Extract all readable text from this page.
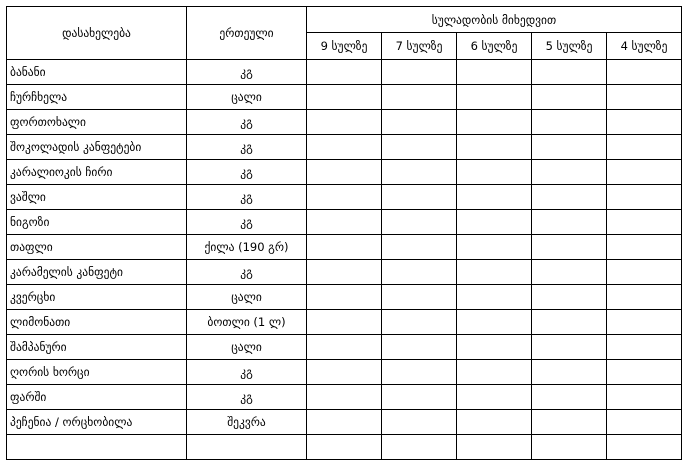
დასახელება	ერთეული	სულადობის მიხედვით				
		9 სულზე	7 სულზე	6 სულზე	5 სულზე	4 სულზე
ბანანი	კგ					
ჩურჩხელა	ცალი					
ფორთოხალი	კგ					
შოკოლადის კანფეტები	კგ					
კარალიოკის ჩირი	კგ					
ვაშლი	კგ					
ნიგოზი	კგ					
თაფლი	ქილა (190 გრ)					
კარამელის კანფეტი	კგ					
კვერცხი	ცალი					
ლიმონათი	ბოთლი (1 ლ)					
შამპანური	ცალი					
ღორის ხორცი	კგ					
ფარში	კგ					
პეჩენია / ორცხობილა	შეკვრა					
